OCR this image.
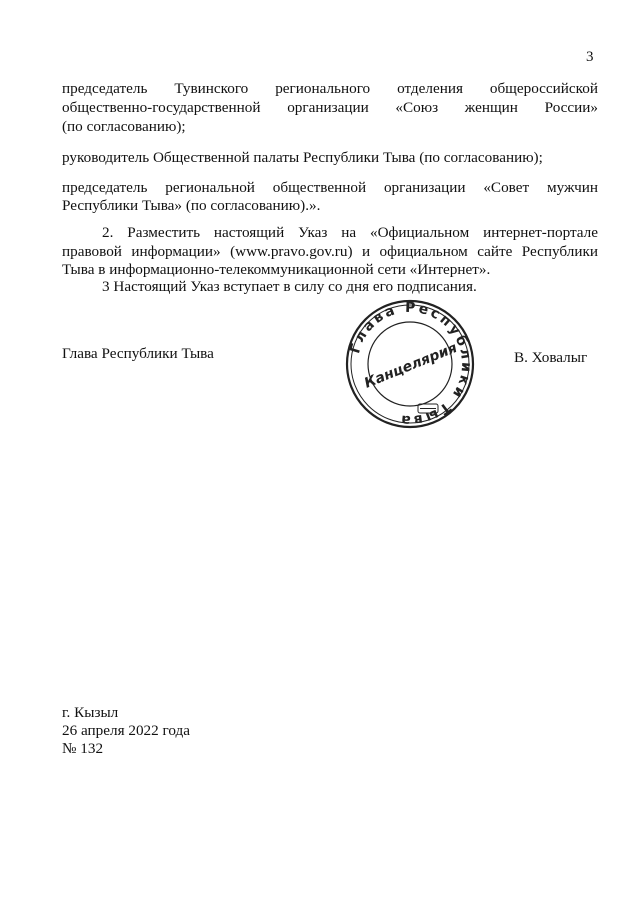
3
председатель Тувинского регионального отделения общероссийской
общественно-государственной организации «Союз женщин России»
(по согласованию);
руководитель Общественной палаты Республики Тыва (по согласованию);
председатель региональной общественной организации «Совет мужчин
Республики Тыва» (по согласованию).».
2. Разместить настоящий Указ на «Официальном интернет-портале
правовой информации» (www.pravo.gov.ru) и официальном сайте Республики
Тыва в информационно-телекоммуникационной сети «Интернет».
3 Настоящий Указ вступает в силу со дня его подписания.
Глава Республики Тыва	Глава Республики Тыва
Канцелярия	В. Ховалыг
г. Кызыл
26 апреля 2022 года
№ 132
